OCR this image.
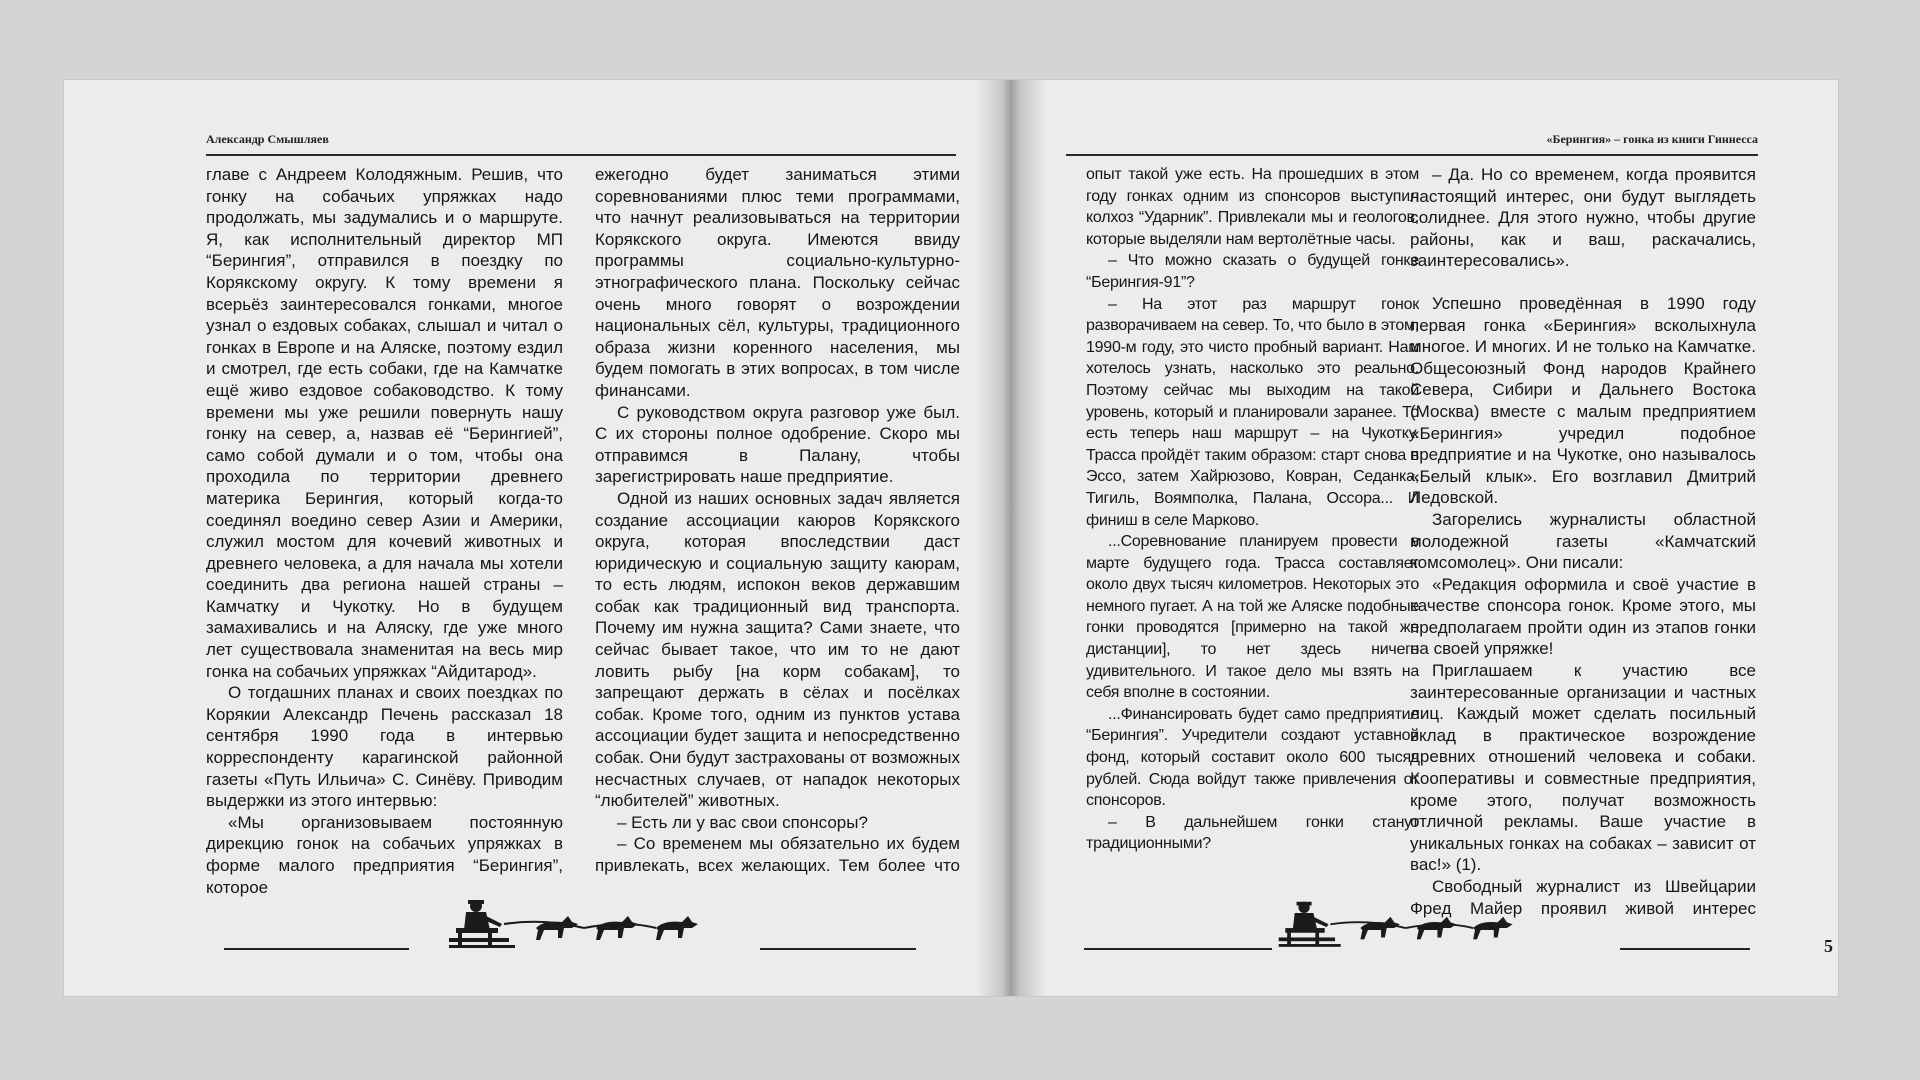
Александр Смышляев

главе с Андреем Колодяжным. Решив, что гонку на собачьих упряжках надо продолжать, мы задумались и о маршруте. Я, как исполнительный директор МП “Берингия”, отправился в поездку по Корякскому округу. К тому времени я всерьёз заинтересовался гонками, многое узнал о ездовых собаках, слышал и читал о гонках в Европе и на Аляске, поэтому ездил и смотрел, где есть собаки, где на Камчатке ещё живо ездовое собаководство. К тому времени мы уже решили повернуть нашу гонку на север, а, назвав её “Берингией”, само собой думали и о том, чтобы она проходила по территории древнего материка Берингия, который когда-то соединял воедино север Азии и Америки, служил мостом для кочевий животных и древнего человека, а для начала мы хотели соединить два региона нашей страны – Камчатку и Чукотку. Но в будущем замахивались и на Аляску, где уже много лет существовала знаменитая на весь мир гонка на собачьих упряжках “Айдитарод».

О тогдашних планах и своих поездках по Корякии Александр Печень рассказал 18 сентября 1990 года в интервью корреспонденту карагинской районной газеты «Путь Ильича» С. Синёву. Приводим выдержки из этого интервью:

«Мы организовываем постоянную дирекцию гонок на собачьих упряжках в форме малого предприятия “Берингия”, которое

ежегодно будет заниматься этими соревнованиями плюс теми программами, что начнут реализовываться на территории Корякского округа. Имеются ввиду программы социально-культурно-этнографического плана. Поскольку сейчас очень много говорят о возрождении национальных сёл, культуры, традиционного образа жизни коренного населения, мы будем помогать в этих вопросах, в том числе финансами.

С руководством округа разговор уже был. С их стороны полное одобрение. Скоро мы отправимся в Палану, чтобы зарегистрировать наше предприятие.

Одной из наших основных задач является создание ассоциации каюров Корякского округа, которая впоследствии даст юридическую и социальную защиту каюрам, то есть людям, испокон веков державшим собак как традиционный вид транспорта. Почему им нужна защита? Сами знаете, что сейчас бывает такое, что им то не дают ловить рыбу [на корм собакам], то запрещают держать в сёлах и посёлках собак. Кроме того, одним из пунктов устава ассоциации будет защита и непосредственно собак. Они будут застрахованы от возможных несчастных случаев, от нападок некоторых “любителей” животных.

– Есть ли у вас свои спонсоры?

– Со временем мы обязательно их будем привлекать, всех желающих. Тем более что

«Берингия» – гонка из книги Гиннесса

опыт такой уже есть. На прошедших в этом году гонках одним из спонсоров выступил колхоз “Ударник”. Привлекали мы и геологов, которые выделяли нам вертолётные часы.

– Что можно сказать о будущей гонке “Берингия-91”?

– На этот раз маршрут гонок разворачиваем на север. То, что было в этом, 1990-м году, это чисто пробный вариант. Нам хотелось узнать, насколько это реально. Поэтому сейчас мы выходим на такой уровень, который и планировали заранее. То есть теперь наш маршрут – на Чукотку. Трасса пройдёт таким образом: старт снова в Эссо, затем Хайрюзово, Ковран, Седанка, Тигиль, Воямполка, Палана, Оссора... И финиш в селе Марково.

...Соревнование планируем провести в марте будущего года. Трасса составляет около двух тысяч километров. Некоторых это немного пугает. А на той же Аляске подобные гонки проводятся [примерно на такой же дистанции], то нет здесь ничего удивительного. И такое дело мы взять на себя вполне в состоянии.

...Финансировать будет само предприятие “Берингия”. Учредители создают уставной фонд, который составит около 600 тысяч рублей. Сюда войдут также привлечения от спонсоров.

– В дальнейшем гонки станут традиционными?

– Да. Но со временем, когда проявится настоящий интерес, они будут выглядеть солиднее. Для этого нужно, чтобы другие районы, как и ваш, раскачались, заинтересовались».

Успешно проведённая в 1990 году первая гонка «Берингия» всколыхнула многое. И многих. И не только на Камчатке. Общесоюзный Фонд народов Крайнего Севера, Сибири и Дальнего Востока (Москва) вместе с малым предприятием «Берингия» учредил подобное предприятие и на Чукотке, оно называлось «Белый клык». Его возглавил Дмитрий Ледовской.

Загорелись журналисты областной молодежной газеты «Камчатский комсомолец». Они писали:

«Редакция оформила и своё участие в качестве спонсора гонок. Кроме этого, мы предполагаем пройти один из этапов гонки на своей упряжке!

Приглашаем к участию все заинтересованные организации и частных лиц. Каждый может сделать посильный вклад в практическое возрождение древних отношений человека и собаки. Кооперативы и совместные предприятия, кроме этого, получат возможность отличной рекламы. Ваше участие в уникальных гонках на собаках – зависит от вас!» (1).

Свободный журналист из Швейцарии Фред Майер проявил живой интерес

5
